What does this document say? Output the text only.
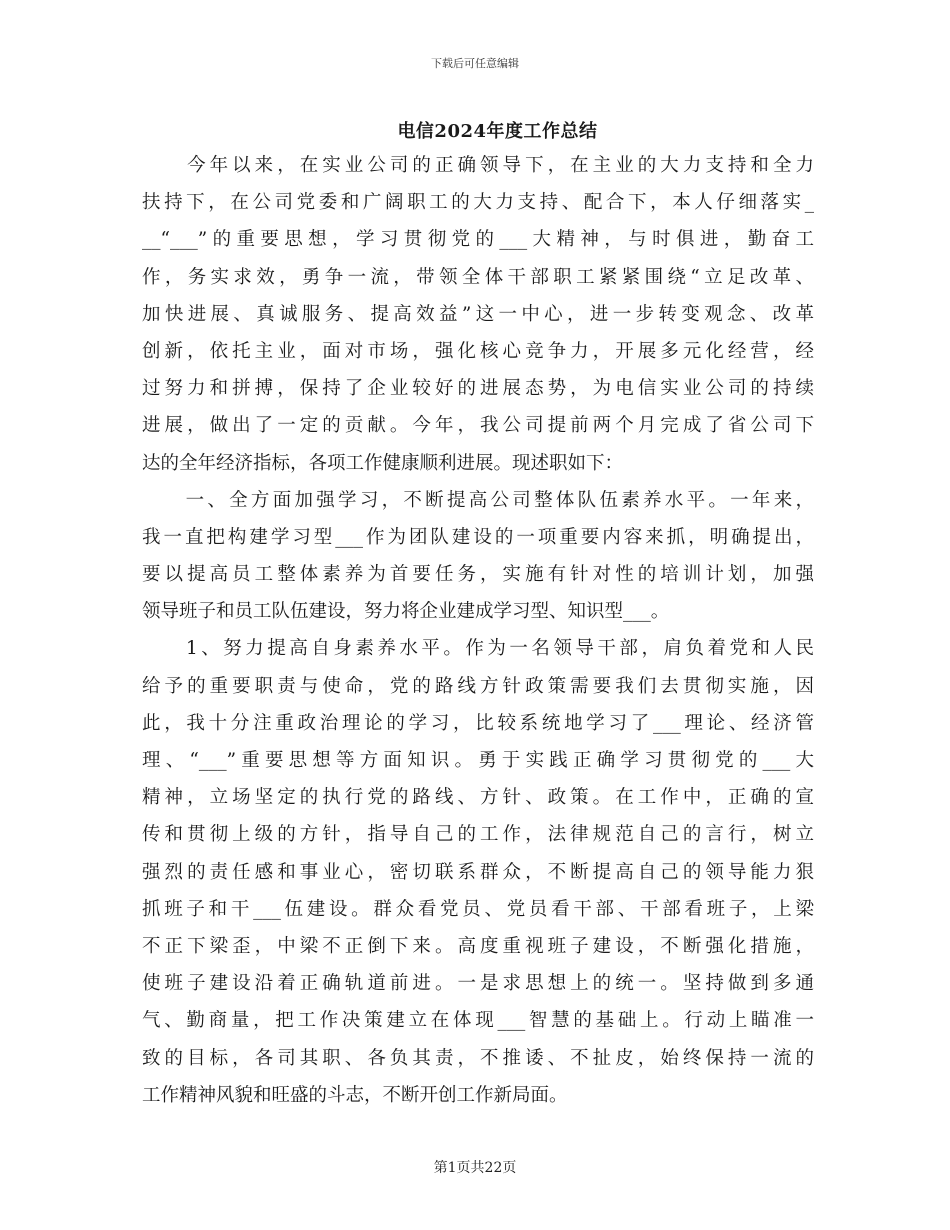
下载后可任意编辑
电信2024年度工作总结
　　今年以来，在实业公司的正确领导下，在主业的大力支持和全力
扶持下，在公司党委和广阔职工的大力支持、配合下，本人仔细落实_
__“___”的重要思想，学习贯彻党的___大精神，与时俱进，勤奋工
作，务实求效，勇争一流，带领全体干部职工紧紧围绕“立足改革、
加快进展、真诚服务、提高效益”这一中心，进一步转变观念、改革
创新，依托主业，面对市场，强化核心竞争力，开展多元化经营，经
过努力和拼搏，保持了企业较好的进展态势，为电信实业公司的持续
进展，做出了一定的贡献。今年，我公司提前两个月完成了省公司下
达的全年经济指标，各项工作健康顺利进展。现述职如下：
　　一、全方面加强学习，不断提高公司整体队伍素养水平。一年来，
我一直把构建学习型___作为团队建设的一项重要内容来抓，明确提出，
要以提高员工整体素养为首要任务，实施有针对性的培训计划，加强
领导班子和员工队伍建设，努力将企业建成学习型、知识型___。
　　1、努力提高自身素养水平。作为一名领导干部，肩负着党和人民
给予的重要职责与使命，党的路线方针政策需要我们去贯彻实施，因
此，我十分注重政治理论的学习，比较系统地学习了___理论、经济管
理、“___”重要思想等方面知识。勇于实践正确学习贯彻党的___大
精神，立场坚定的执行党的路线、方针、政策。在工作中，正确的宣
传和贯彻上级的方针，指导自己的工作，法律规范自己的言行，树立
强烈的责任感和事业心，密切联系群众，不断提高自己的领导能力狠
抓班子和干___伍建设。群众看党员、党员看干部、干部看班子，上梁
不正下梁歪，中梁不正倒下来。高度重视班子建设，不断强化措施，
使班子建设沿着正确轨道前进。一是求思想上的统一。坚持做到多通
气、勤商量，把工作决策建立在体现___智慧的基础上。行动上瞄准一
致的目标，各司其职、各负其责，不推诿、不扯皮，始终保持一流的
工作精神风貌和旺盛的斗志，不断开创工作新局面。
第1页共22页
